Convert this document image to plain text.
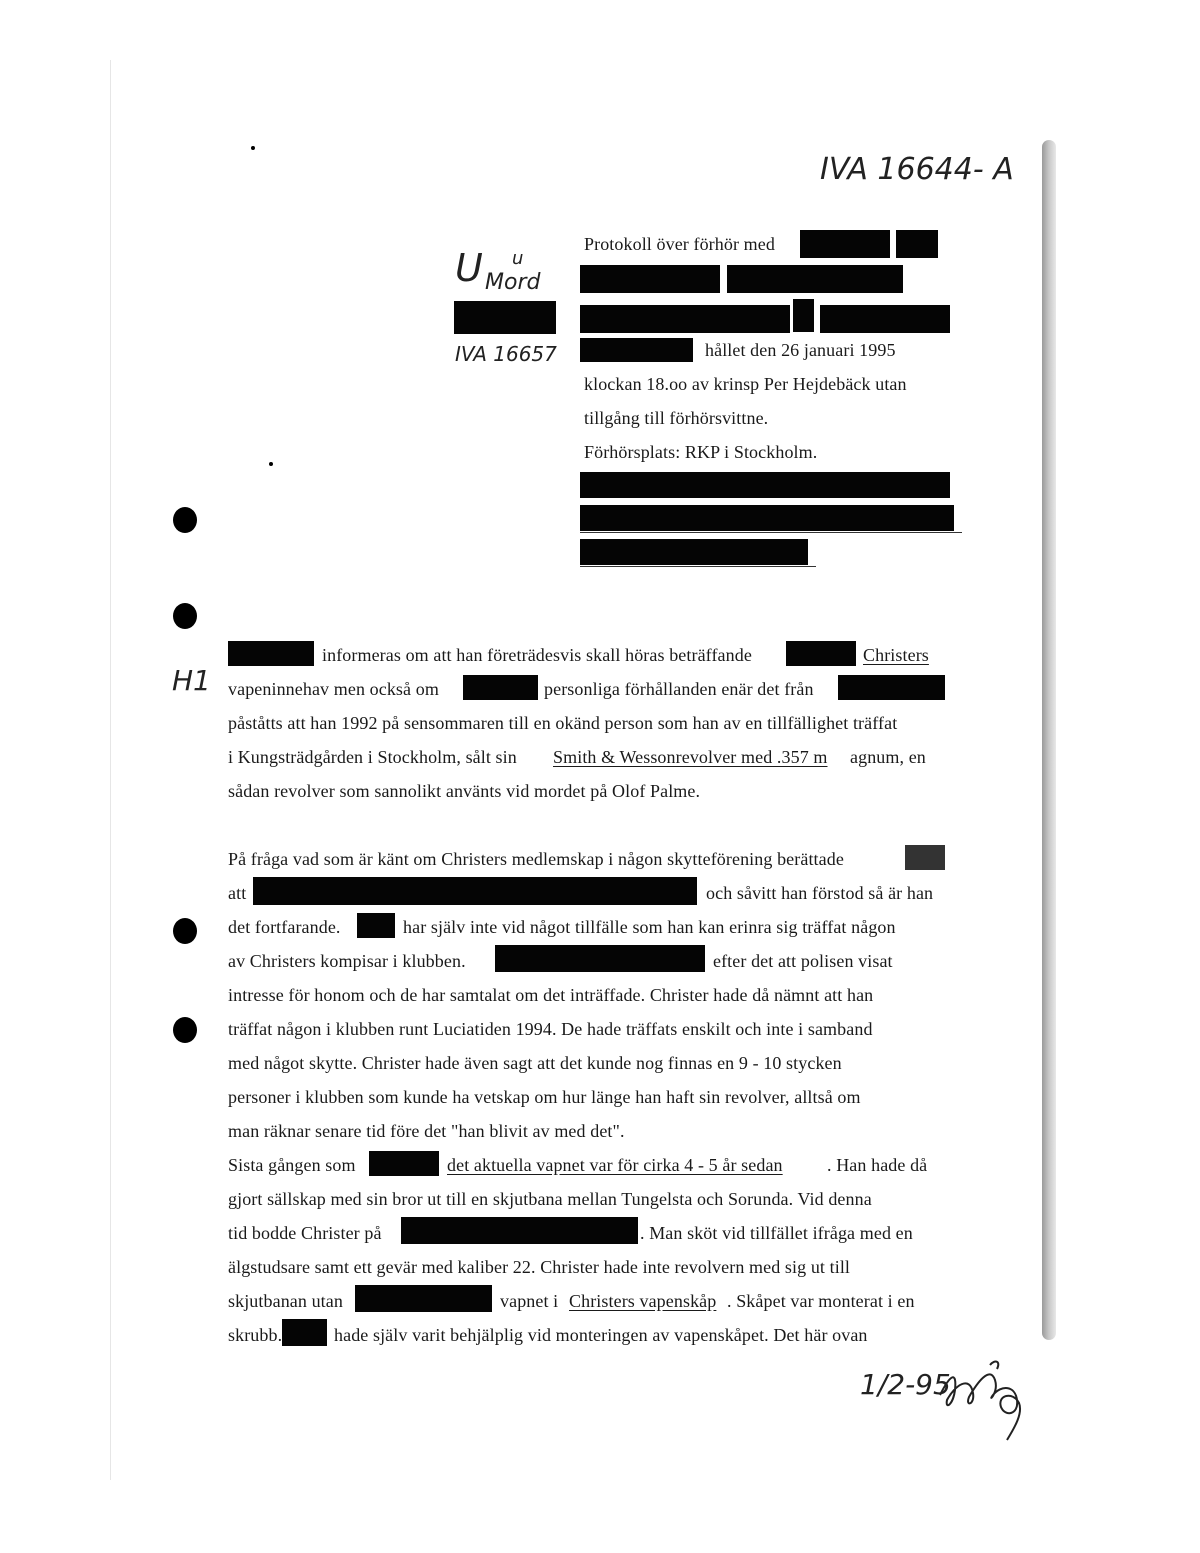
IVA 16644- A
U u
Mord
IVA 16657
H1
1/2-95
Protokoll över förhör med
hållet den 26 januari 1995
klockan 18.oo av krinsp Per Hejdebäck utan
tillgång till förhörsvittne.
Förhörsplats: RKP i Stockholm.
informeras om att han företrädesvis skall höras beträffande	Christers
vapeninnehav men också om	personliga förhållanden enär det från
påståtts att han 1992 på sensommaren till en okänd person som han av en tillfällighet träffat
i Kungsträdgården i Stockholm, sålt sin Smith & Wessonrevolver med .357 m agnum, en
sådan revolver som sannolikt använts vid mordet på Olof Palme.
På fråga vad som är känt om Christers medlemskap i någon skytteförening berättade
att	och såvitt han förstod så är han
det fortfarande.	har själv inte vid något tillfälle som han kan erinra sig träffat någon
av Christers kompisar i klubben.	efter det att polisen visat
intresse för honom och de har samtalat om det inträffade. Christer hade då nämnt att han
träffat någon i klubben runt Luciatiden 1994. De hade träffats enskilt och inte i samband
med något skytte. Christer hade även sagt att det kunde nog finnas en 9 - 10 stycken
personer i klubben som kunde ha vetskap om hur länge han haft sin revolver, alltså om
man räknar senare tid före det "han blivit av med det".
Sista gången som	det aktuella vapnet var för cirka 4 - 5 år sedan . Han hade då
gjort sällskap med sin bror ut till en skjutbana mellan Tungelsta och Sorunda. Vid denna
tid bodde Christer på	. Man sköt vid tillfället ifråga med en
älgstudsare samt ett gevär med kaliber 22. Christer hade inte revolvern med sig ut till
skjutbanan utan	vapnet i Christers vapenskåp . Skåpet var monterat i en
skrubb.	hade själv varit behjälplig vid monteringen av vapenskåpet. Det här ovan
